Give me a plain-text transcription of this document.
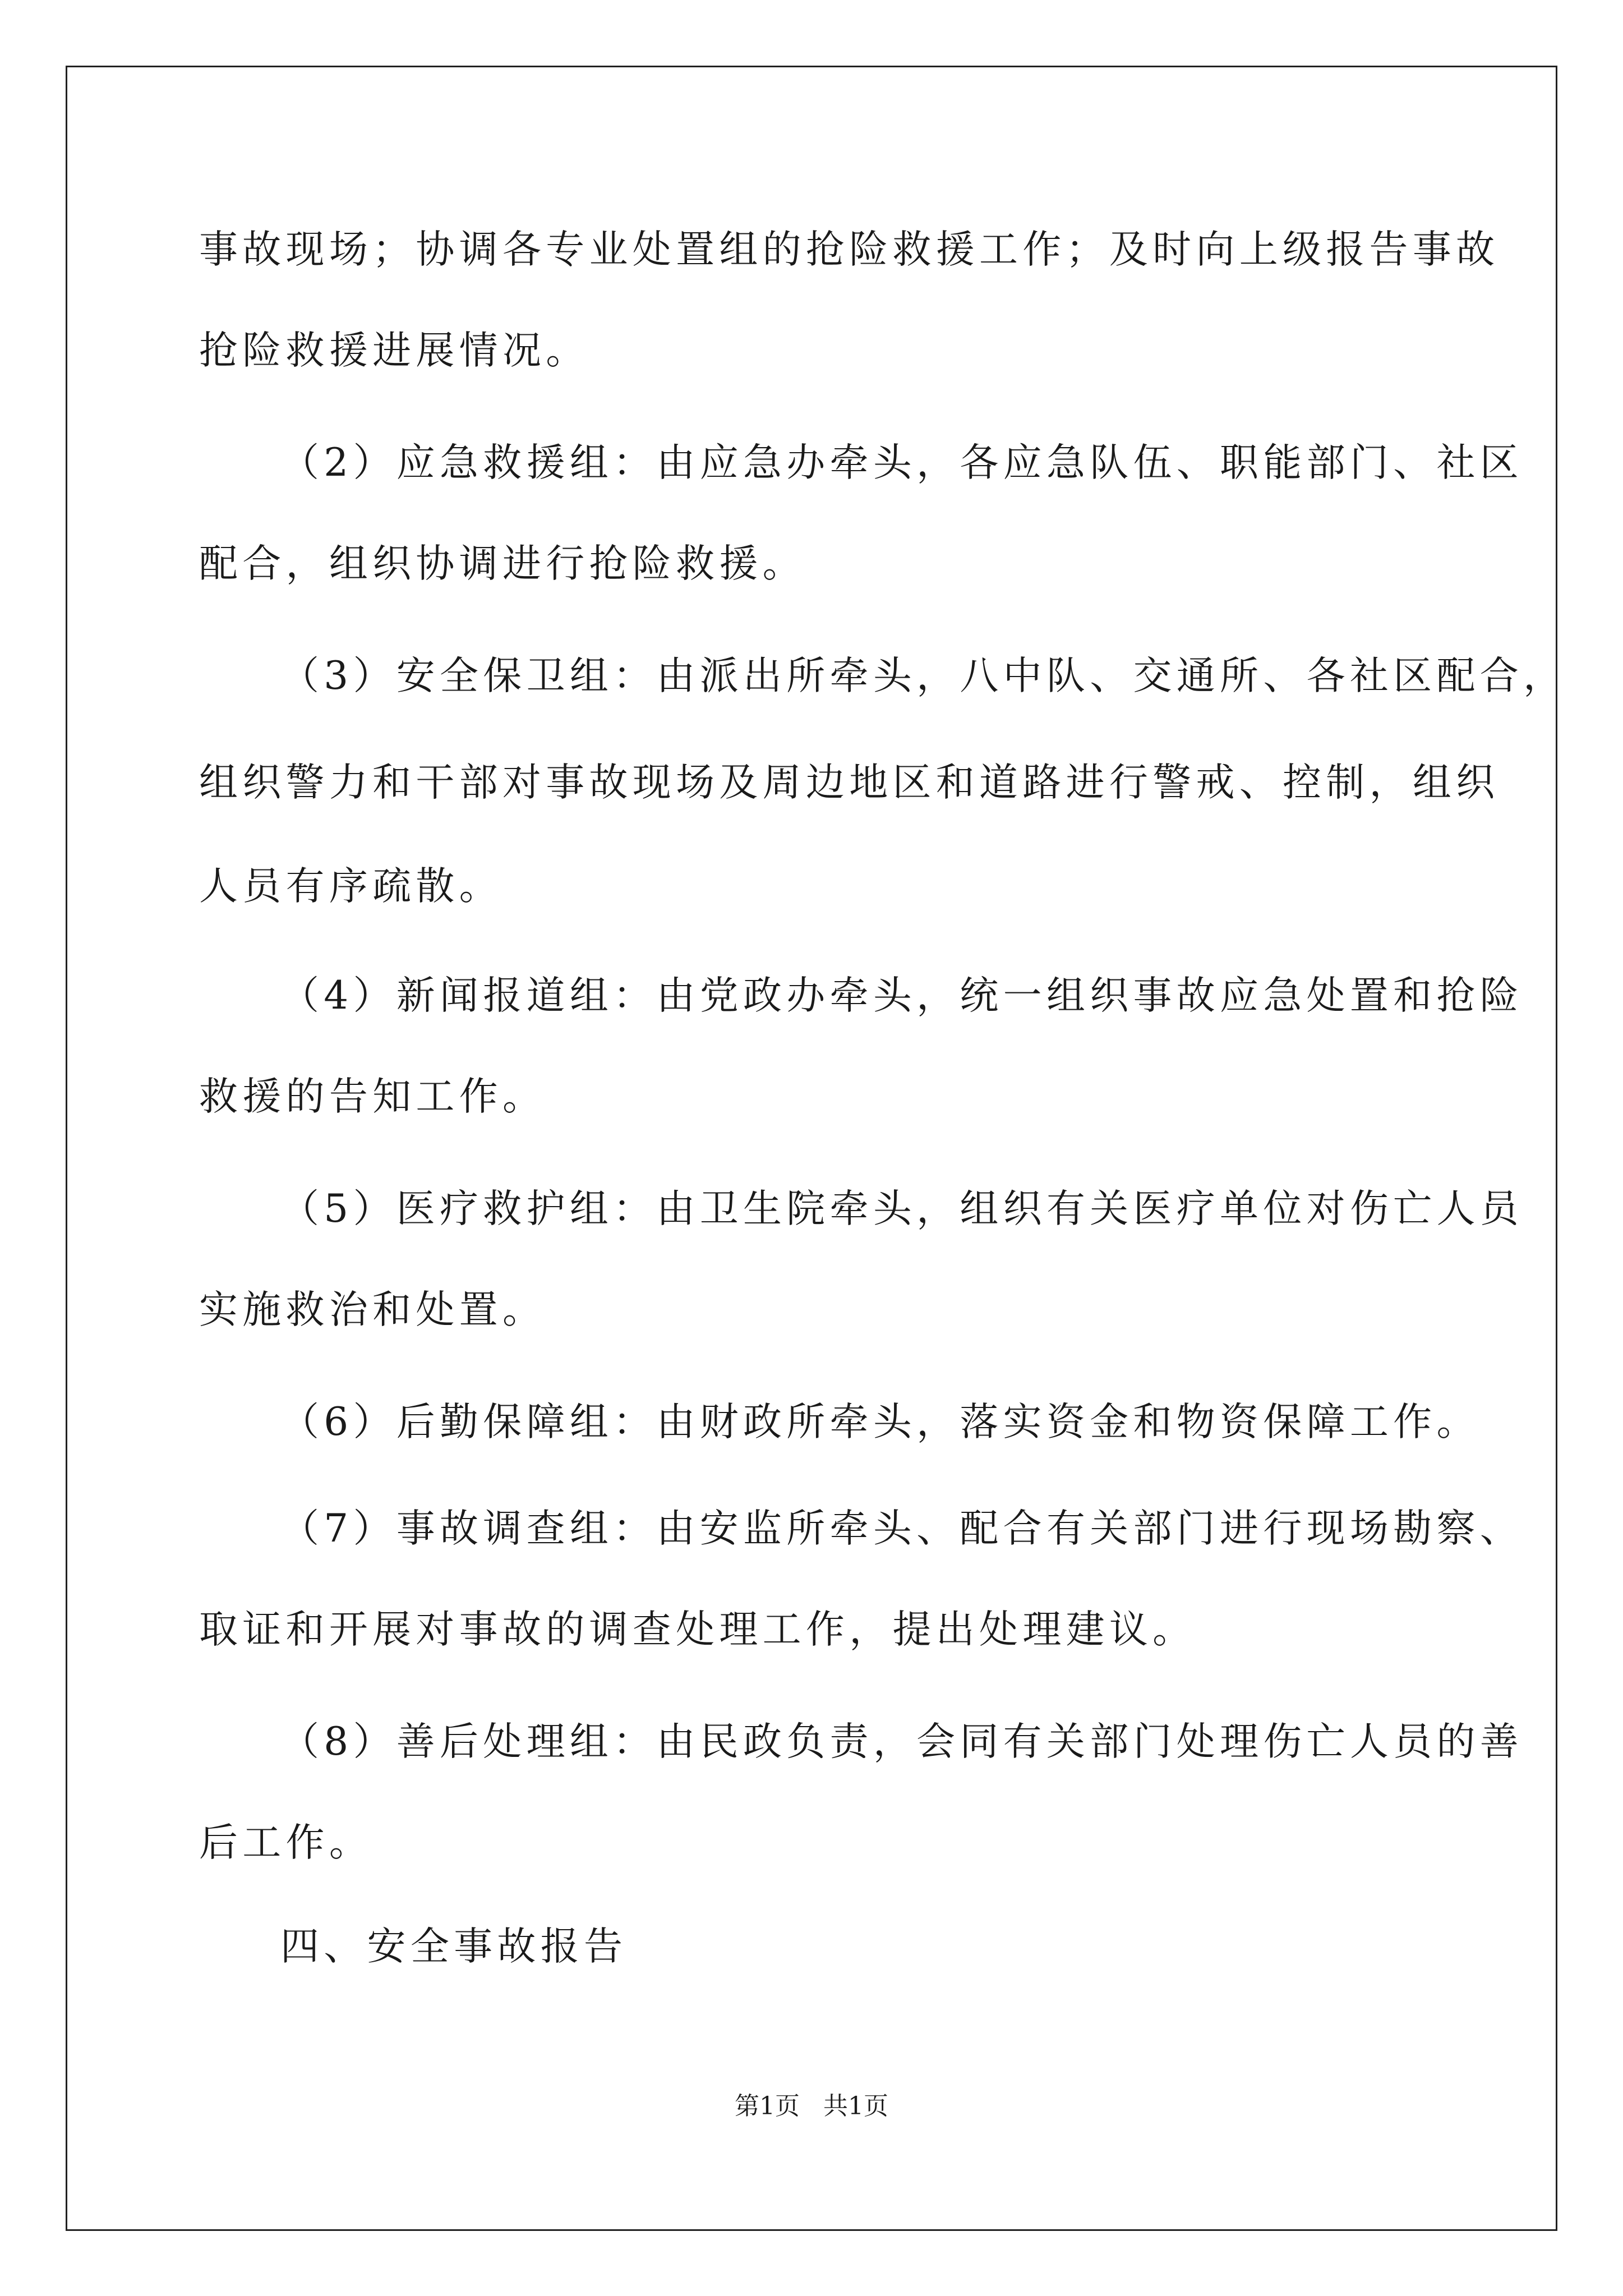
事故现场；协调各专业处置组的抢险救援工作；及时向上级报告事故
抢险救援进展情况。
（2）应急救援组：由应急办牵头，各应急队伍、职能部门、社区
配合，组织协调进行抢险救援。
（3）安全保卫组：由派出所牵头，八中队、交通所、各社区配合，
组织警力和干部对事故现场及周边地区和道路进行警戒、控制，组织
人员有序疏散。
（4）新闻报道组：由党政办牵头，统一组织事故应急处置和抢险
救援的告知工作。
（5）医疗救护组：由卫生院牵头，组织有关医疗单位对伤亡人员
实施救治和处置。
（6）后勤保障组：由财政所牵头，落实资金和物资保障工作。
（7）事故调查组：由安监所牵头、配合有关部门进行现场勘察、
取证和开展对事故的调查处理工作，提出处理建议。
（8）善后处理组：由民政负责，会同有关部门处理伤亡人员的善
后工作。
四、安全事故报告
第1页   共1页
